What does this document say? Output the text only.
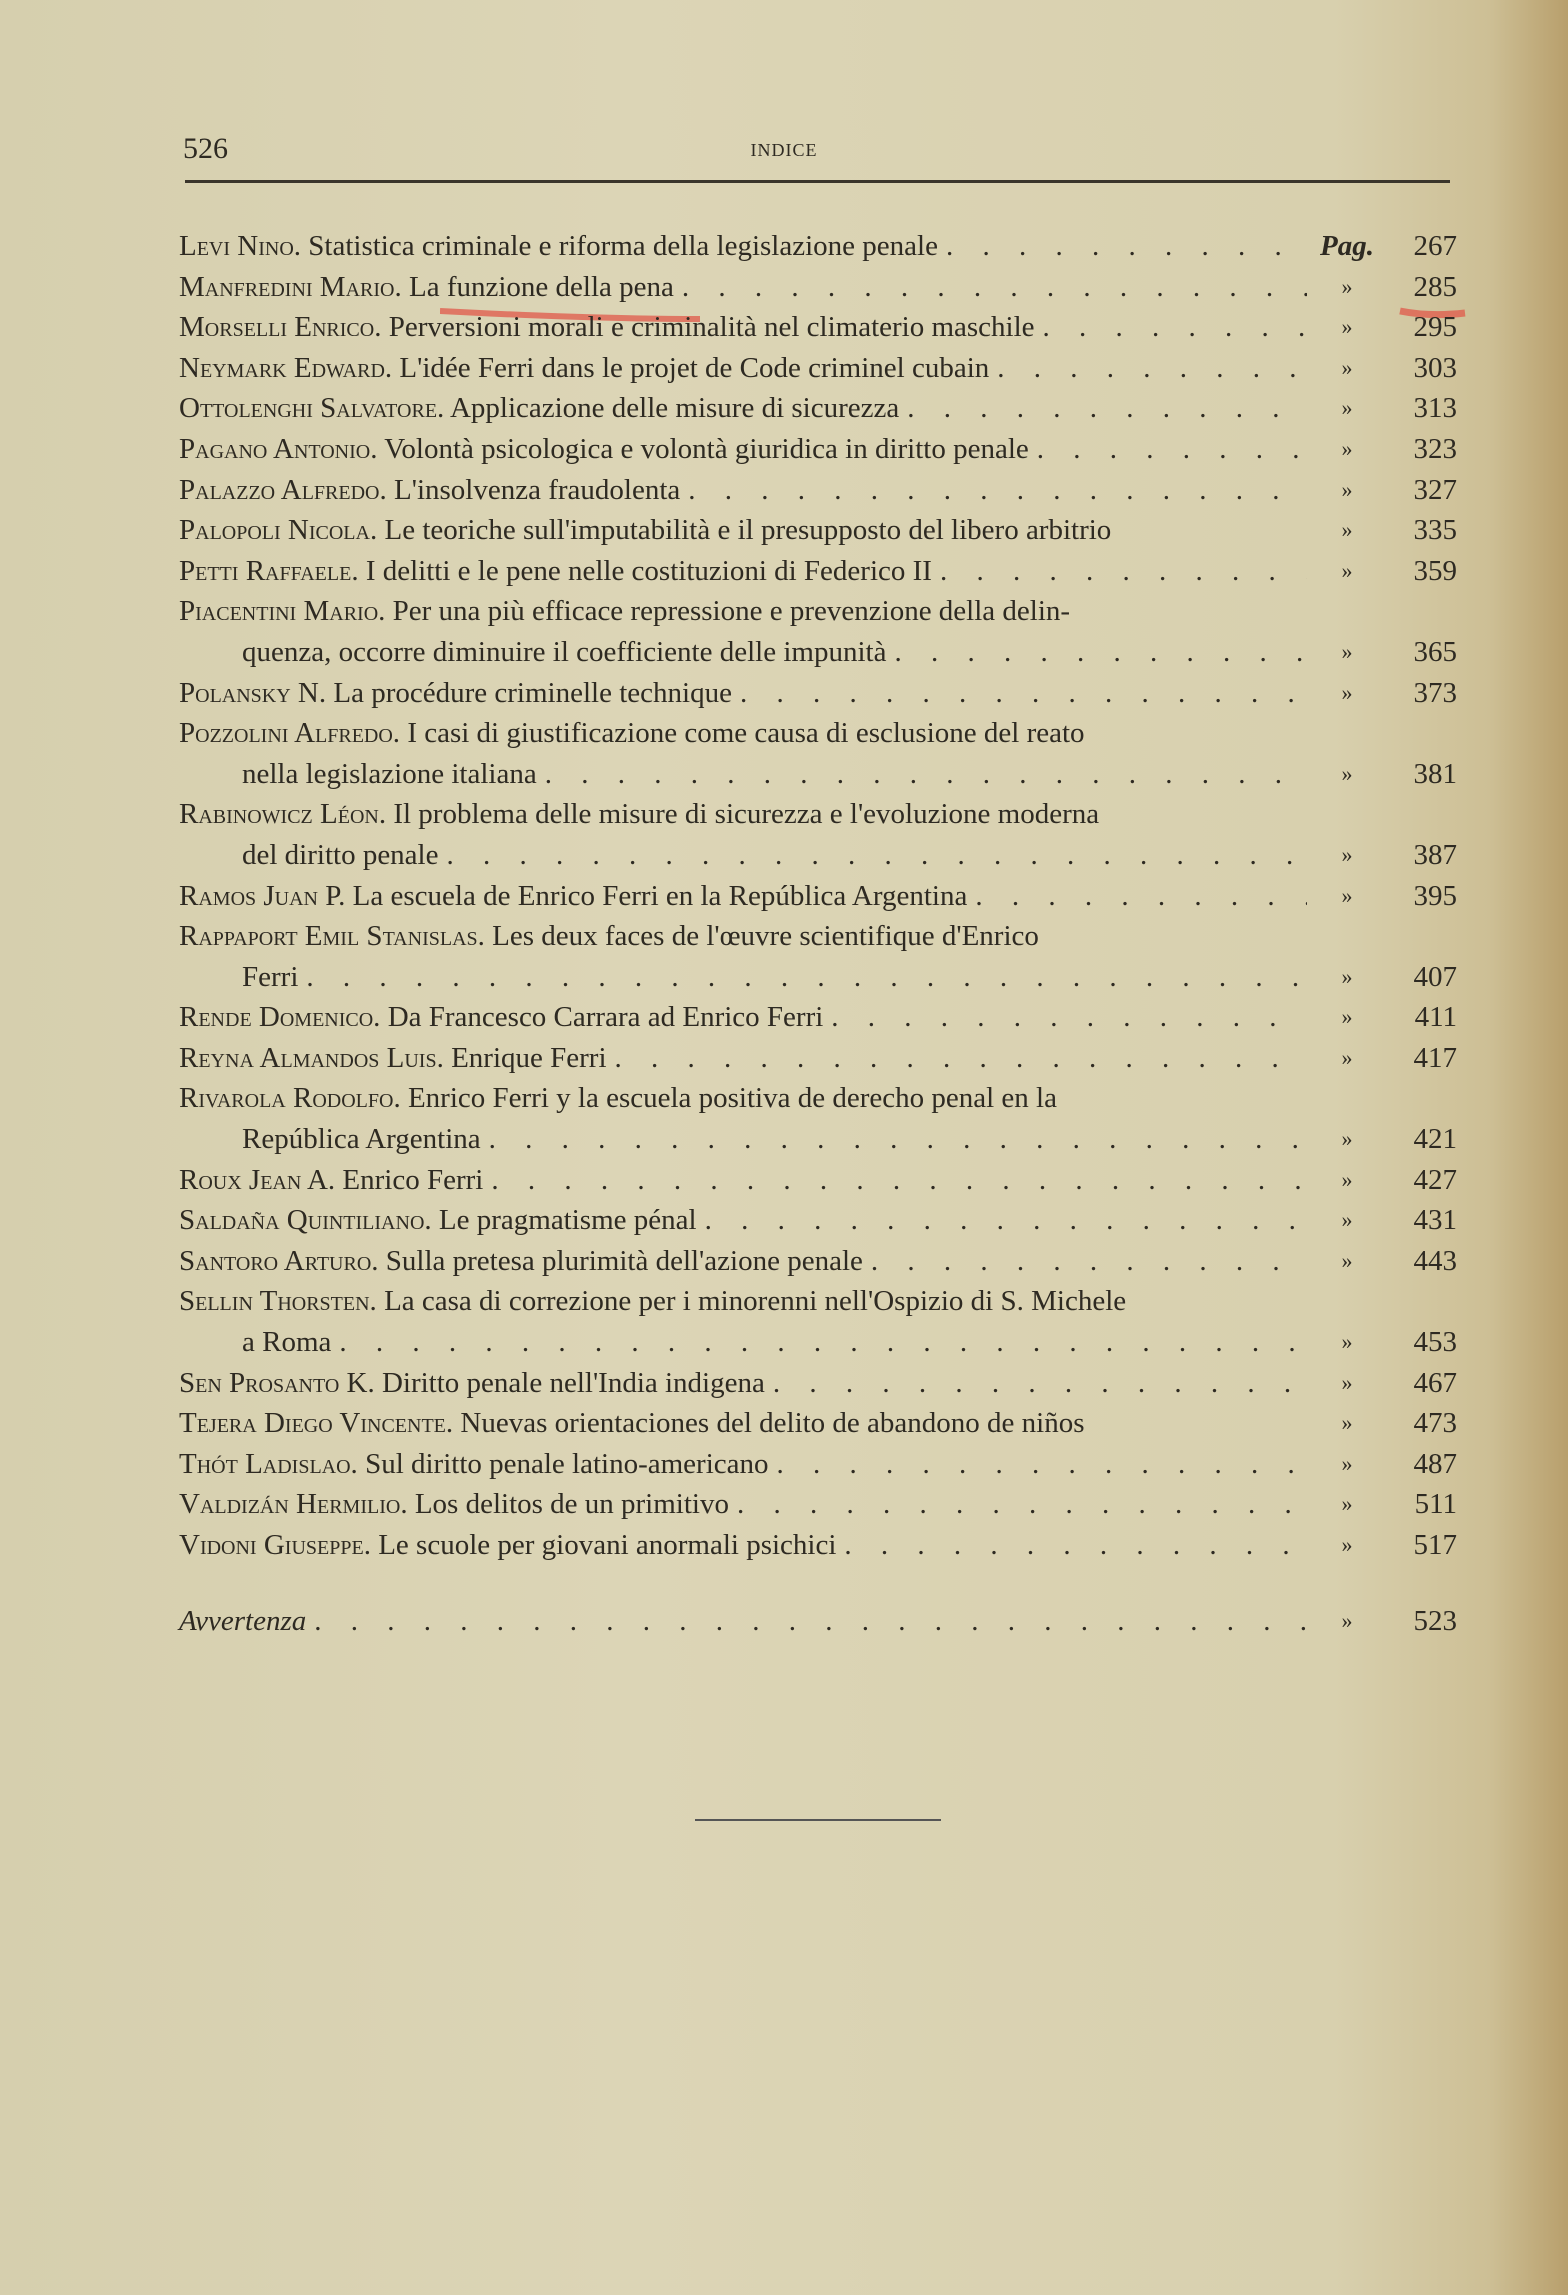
526	INDICE
Levi Nino. Statistica criminale e riforma della legislazione penale . . .	Pag.	267
Manfredini Mario. La funzione della pena . . .	»	285
Morselli Enrico. Perversioni morali e criminalità nel climaterio maschile . . .	»	295
Neymark Edward. L'idée Ferri dans le projet de Code criminel cubain . . .	»	303
Ottolenghi Salvatore. Applicazione delle misure di sicurezza . . .	»	313
Pagano Antonio. Volontà psicologica e volontà giuridica in diritto penale . . .	»	323
Palazzo Alfredo. L'insolvenza fraudolenta . . .	»	327
Palopoli Nicola. Le teoriche sull'imputabilità e il presupposto del libero arbitrio	»	335
Petti Raffaele. I delitti e le pene nelle costituzioni di Federico II . . .	»	359
Piacentini Mario. Per una più efficace repressione e prevenzione della delin-
quenza, occorre diminuire il coefficiente delle impunità . . .	»	365
Polansky N. La procédure criminelle technique . . .	»	373
Pozzolini Alfredo. I casi di giustificazione come causa di esclusione del reato
nella legislazione italiana . . .	»	381
Rabinowicz Léon. Il problema delle misure di sicurezza e l'evoluzione moderna
del diritto penale . . .	»	387
Ramos Juan P. La escuela de Enrico Ferri en la República Argentina . . .	»	395
Rappaport Emil Stanislas. Les deux faces de l'œuvre scientifique d'Enrico
Ferri . . .	»	407
Rende Domenico. Da Francesco Carrara ad Enrico Ferri . . .	»	411
Reyna Almandos Luis. Enrique Ferri . . .	»	417
Rivarola Rodolfo. Enrico Ferri y la escuela positiva de derecho penal en la
República Argentina . . .	»	421
Roux Jean A. Enrico Ferri . . .	»	427
Saldaña Quintiliano. Le pragmatisme pénal . . .	»	431
Santoro Arturo. Sulla pretesa plurimità dell'azione penale . . .	»	443
Sellin Thorsten. La casa di correzione per i minorenni nell'Ospizio di S. Michele
a Roma . . .	»	453
Sen Prosanto K. Diritto penale nell'India indigena . . .	»	467
Tejera Diego Vincente. Nuevas orientaciones del delito de abandono de niños	»	473
Thót Ladislao. Sul diritto penale latino-americano . . .	»	487
Valdizán Hermilio. Los delitos de un primitivo . . .	»	511
Vidoni Giuseppe. Le scuole per giovani anormali psichici . . .	»	517
Avvertenza . . .	»	523
